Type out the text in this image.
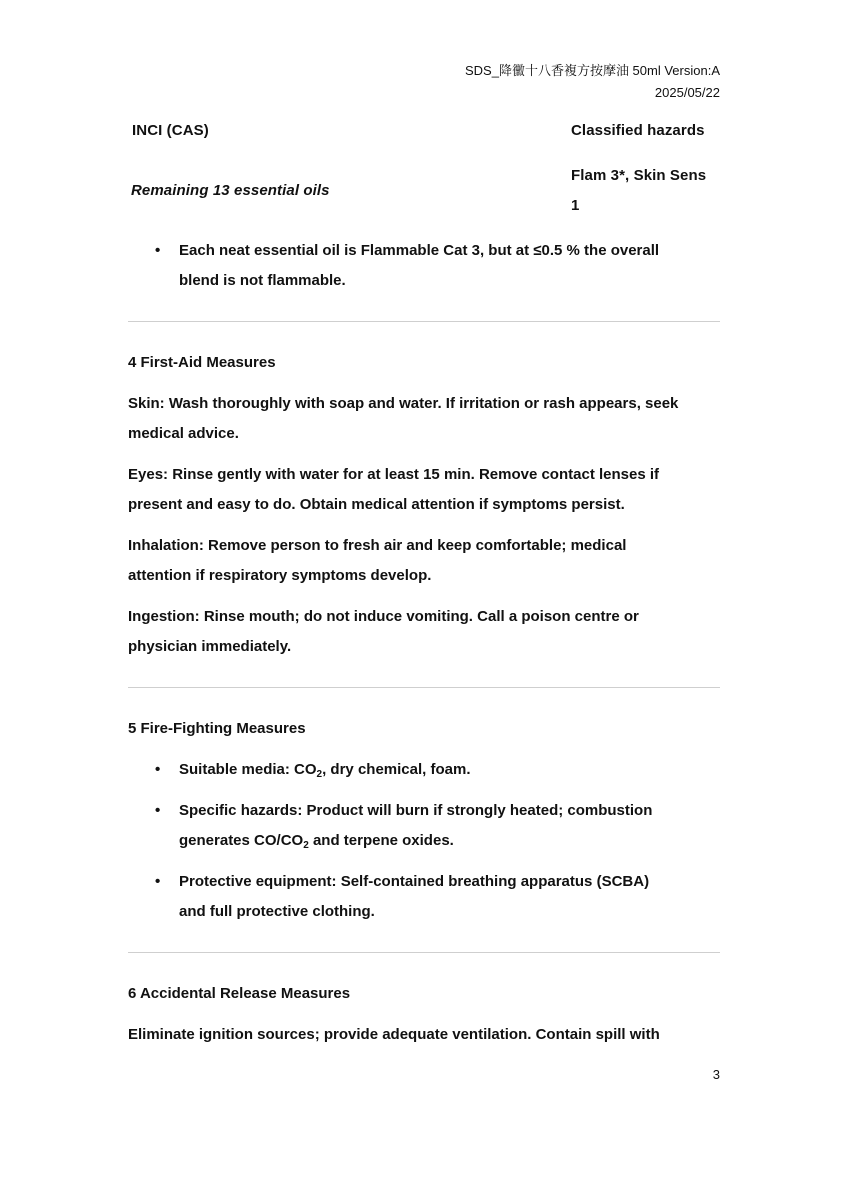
SDS_降黴十八香複方按摩油 50ml Version:A
2025/05/22
INCI (CAS)	Classified hazards
Remaining 13 essential oils
Flam 3*, Skin Sens
1
• Each neat essential oil is Flammable Cat 3, but at ≤0.5 % the overall
blend is not flammable.
4 First-Aid Measures
Skin: Wash thoroughly with soap and water. If irritation or rash appears, seek
medical advice.
Eyes: Rinse gently with water for at least 15 min. Remove contact lenses if
present and easy to do. Obtain medical attention if symptoms persist.
Inhalation: Remove person to fresh air and keep comfortable; medical
attention if respiratory symptoms develop.
Ingestion: Rinse mouth; do not induce vomiting. Call a poison centre or
physician immediately.
5 Fire-Fighting Measures
• Suitable media: $CO_2$, dry chemical, foam.
• Specific hazards: Product will burn if strongly heated; combustion
generates $CO/CO_2$ and terpene oxides.
• Protective equipment: Self-contained breathing apparatus (SCBA)
and full protective clothing.
6 Accidental Release Measures
Eliminate ignition sources; provide adequate ventilation. Contain spill with
3
